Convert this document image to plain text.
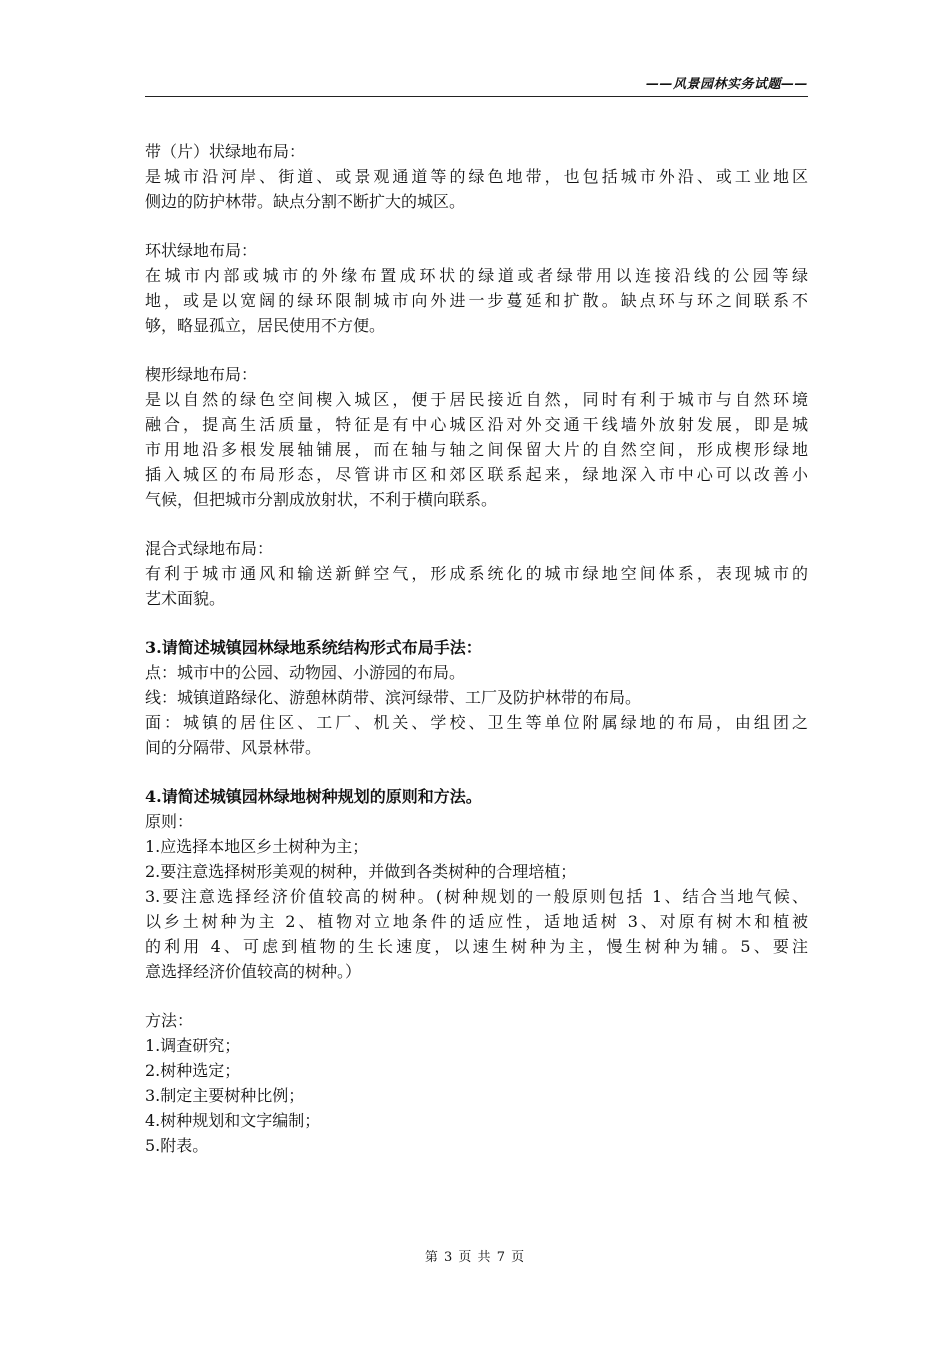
——风景园林实务试题——
带（片）状绿地布局：
是城市沿河岸、街道、或景观通道等的绿色地带，也包括城市外沿、或工业地区
侧边的防护林带。缺点分割不断扩大的城区。
环状绿地布局：
在城市内部或城市的外缘布置成环状的绿道或者绿带用以连接沿线的公园等绿
地，或是以宽阔的绿环限制城市向外进一步蔓延和扩散。缺点环与环之间联系不
够，略显孤立，居民使用不方便。
楔形绿地布局：
是以自然的绿色空间楔入城区，便于居民接近自然，同时有利于城市与自然环境
融合，提高生活质量，特征是有中心城区沿对外交通干线墙外放射发展，即是城
市用地沿多根发展轴铺展，而在轴与轴之间保留大片的自然空间，形成楔形绿地
插入城区的布局形态，尽管讲市区和郊区联系起来，绿地深入市中心可以改善小
气候，但把城市分割成放射状，不利于横向联系。
混合式绿地布局：
有利于城市通风和输送新鲜空气，形成系统化的城市绿地空间体系，表现城市的
艺术面貌。
3.请简述城镇园林绿地系统结构形式布局手法：
点：城市中的公园、动物园、小游园的布局。
线：城镇道路绿化、游憩林荫带、滨河绿带、工厂及防护林带的布局。
面：城镇的居住区、工厂、机关、学校、卫生等单位附属绿地的布局，由组团之
间的分隔带、风景林带。
4.请简述城镇园林绿地树种规划的原则和方法。
原则：
1.应选择本地区乡土树种为主；
2.要注意选择树形美观的树种，并做到各类树种的合理培植；
3.要注意选择经济价值较高的树种。(树种规划的一般原则包括 1、结合当地气候、
以乡土树种为主 2、植物对立地条件的适应性，适地适树 3、对原有树木和植被
的利用 4、可虑到植物的生长速度，以速生树种为主，慢生树种为辅。5、要注
意选择经济价值较高的树种。）
方法：
1.调查研究；
2.树种选定；
3.制定主要树种比例；
4.树种规划和文字编制；
5.附表。
第 3 页 共 7 页
